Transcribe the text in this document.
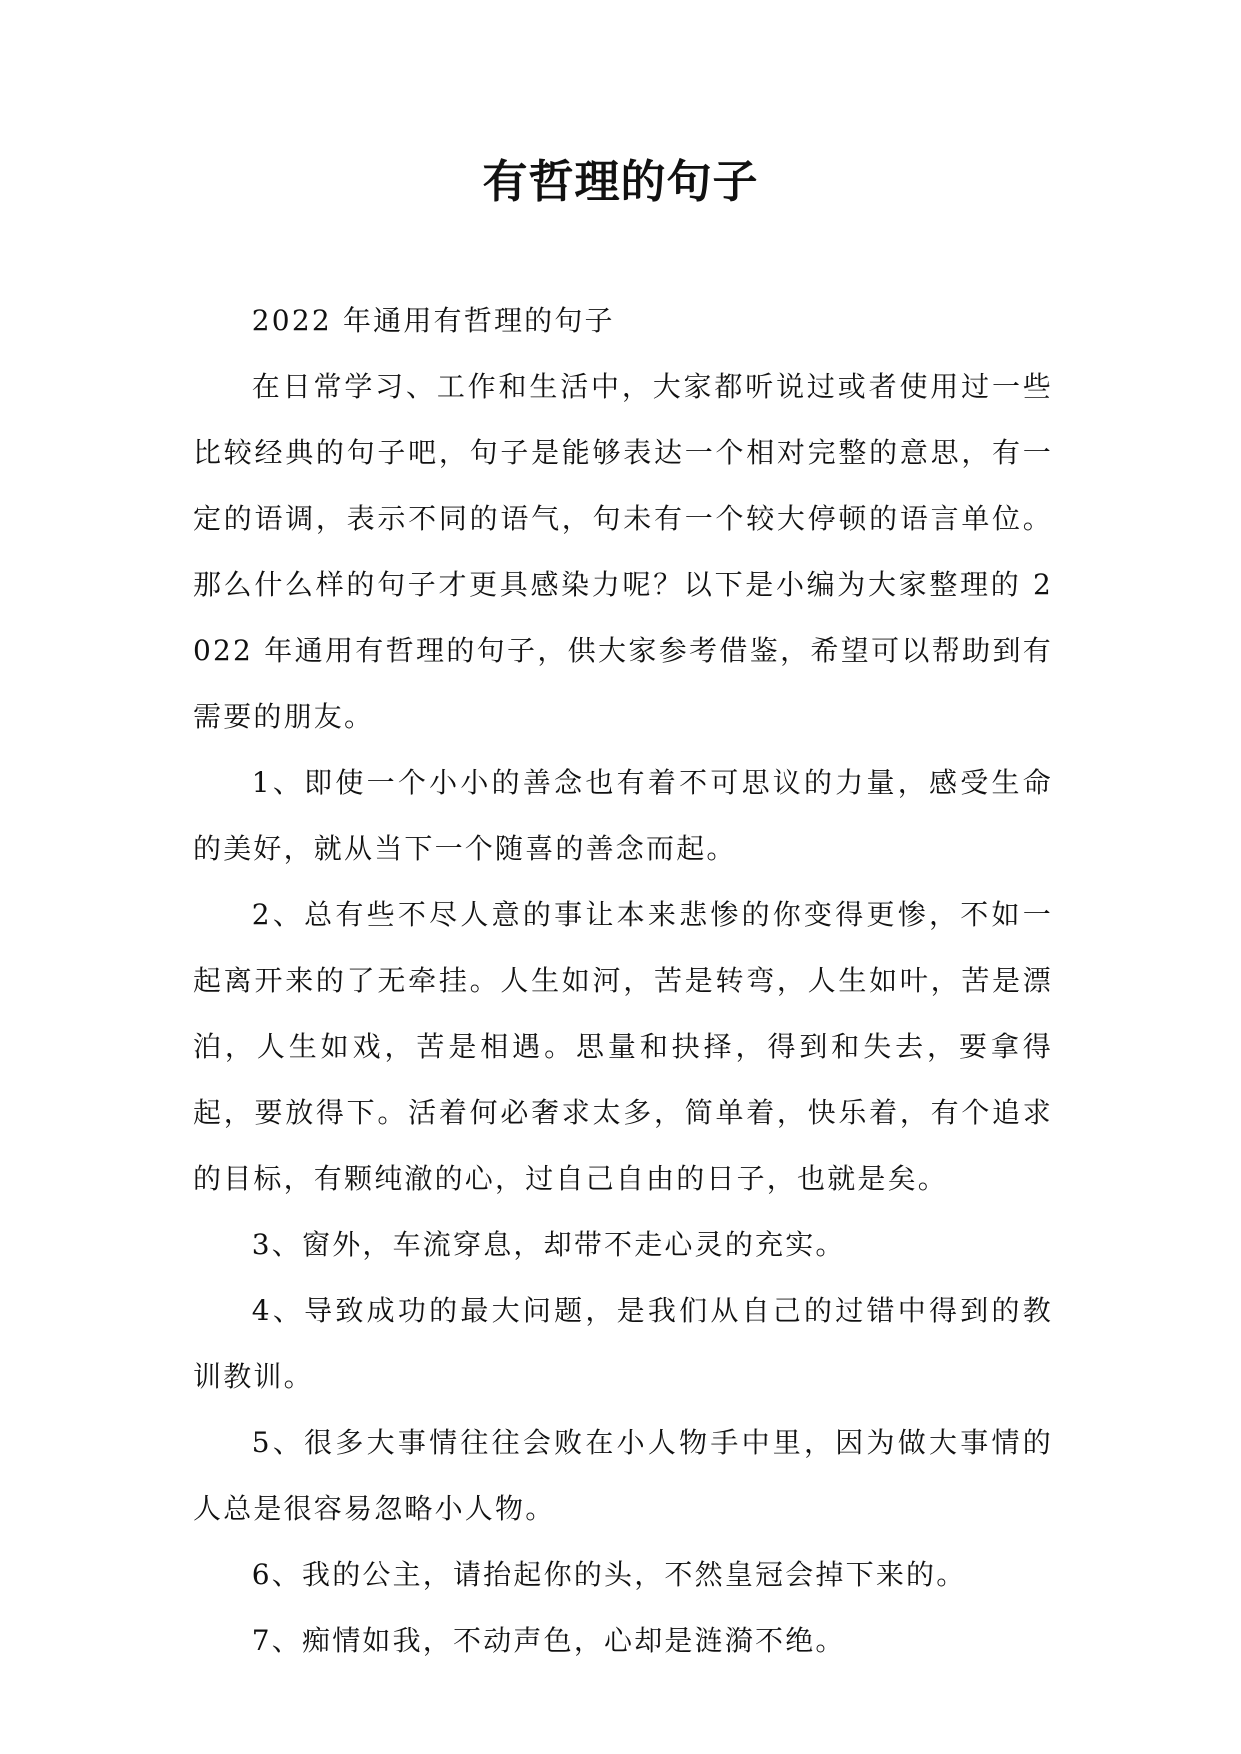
有哲理的句子

2022 年通用有哲理的句子

在日常学习、工作和生活中，大家都听说过或者使用过一些比较经典的句子吧，句子是能够表达一个相对完整的意思，有一定的语调，表示不同的语气，句未有一个较大停顿的语言单位。那么什么样的句子才更具感染力呢？以下是小编为大家整理的 2022 年通用有哲理的句子，供大家参考借鉴，希望可以帮助到有需要的朋友。

1、即使一个小小的善念也有着不可思议的力量，感受生命的美好，就从当下一个随喜的善念而起。

2、总有些不尽人意的事让本来悲惨的你变得更惨，不如一起离开来的了无牵挂。人生如河，苦是转弯，人生如叶，苦是漂泊，人生如戏，苦是相遇。思量和抉择，得到和失去，要拿得起，要放得下。活着何必奢求太多，简单着，快乐着，有个追求的目标，有颗纯澈的心，过自己自由的日子，也就是矣。

3、窗外，车流穿息，却带不走心灵的充实。

4、导致成功的最大问题，是我们从自己的过错中得到的教训教训。

5、很多大事情往往会败在小人物手中里，因为做大事情的人总是很容易忽略小人物。

6、我的公主，请抬起你的头，不然皇冠会掉下来的。

7、痴情如我，不动声色，心却是涟漪不绝。
